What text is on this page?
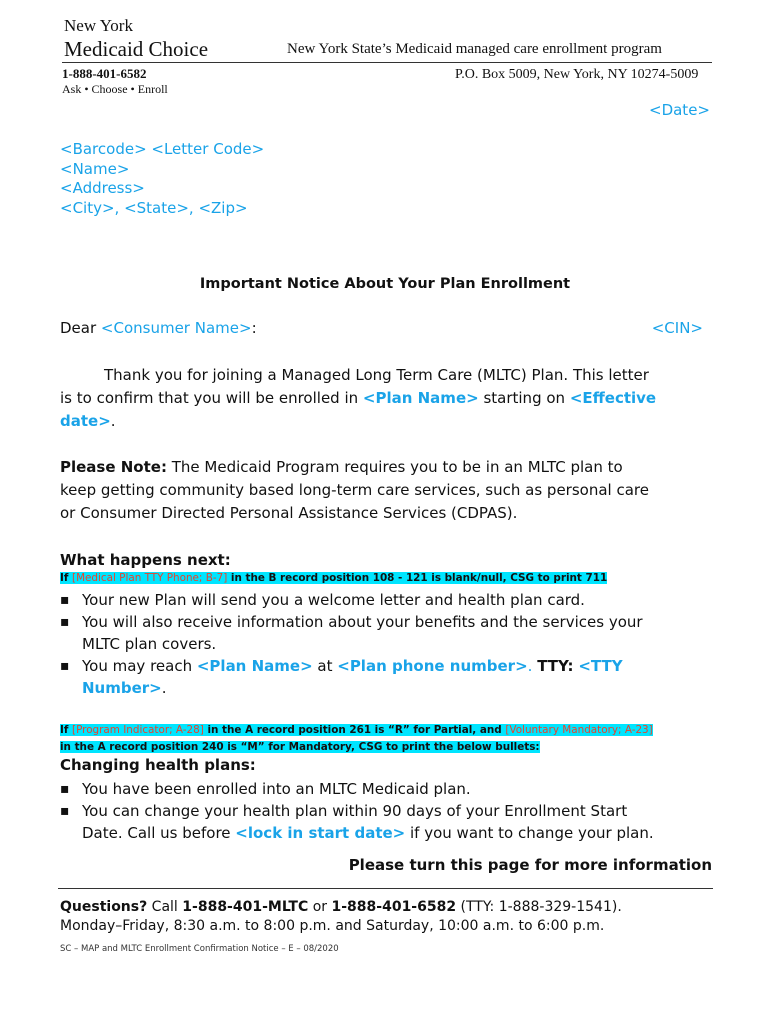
New York
Medicaid Choice	New York State’s Medicaid managed care enrollment program
1-888-401-6582
Ask • Choose • Enroll
P.O. Box 5009, New York, NY 10274-5009
<Date>
<Barcode> <Letter Code>
<Name>
<Address>
<City>, <State>, <Zip>
Important Notice About Your Plan Enrollment
Dear <Consumer Name>:	<CIN>
Thank you for joining a Managed Long Term Care (MLTC) Plan. This letter
is to confirm that you will be enrolled in <Plan Name> starting on <Effective
date>.
Please Note: The Medicaid Program requires you to be in an MLTC plan to
keep getting community based long-term care services, such as personal care
or Consumer Directed Personal Assistance Services (CDPAS).
What happens next:
If [Medical Plan TTY Phone; B-7] in the B record position 108 - 121 is blank/null, CSG to print 711
▪ Your new Plan will send you a welcome letter and health plan card.
▪ You will also receive information about your benefits and the services your
MLTC plan covers.
▪ You may reach <Plan Name> at <Plan phone number>. TTY: <TTY
Number>.
If [Program Indicator; A-28] in the A record position 261 is “R” for Partial, and [Voluntary Mandatory; A-23]
in the A record position 240 is “M” for Mandatory, CSG to print the below bullets:
Changing health plans:
▪ You have been enrolled into an MLTC Medicaid plan.
▪ You can change your health plan within 90 days of your Enrollment Start
Date. Call us before <lock in start date> if you want to change your plan.
Please turn this page for more information
Questions? Call 1-888-401-MLTC or 1-888-401-6582 (TTY: 1-888-329-1541).
Monday–Friday, 8:30 a.m. to 8:00 p.m. and Saturday, 10:00 a.m. to 6:00 p.m.
SC – MAP and MLTC Enrollment Confirmation Notice – E – 08/2020
